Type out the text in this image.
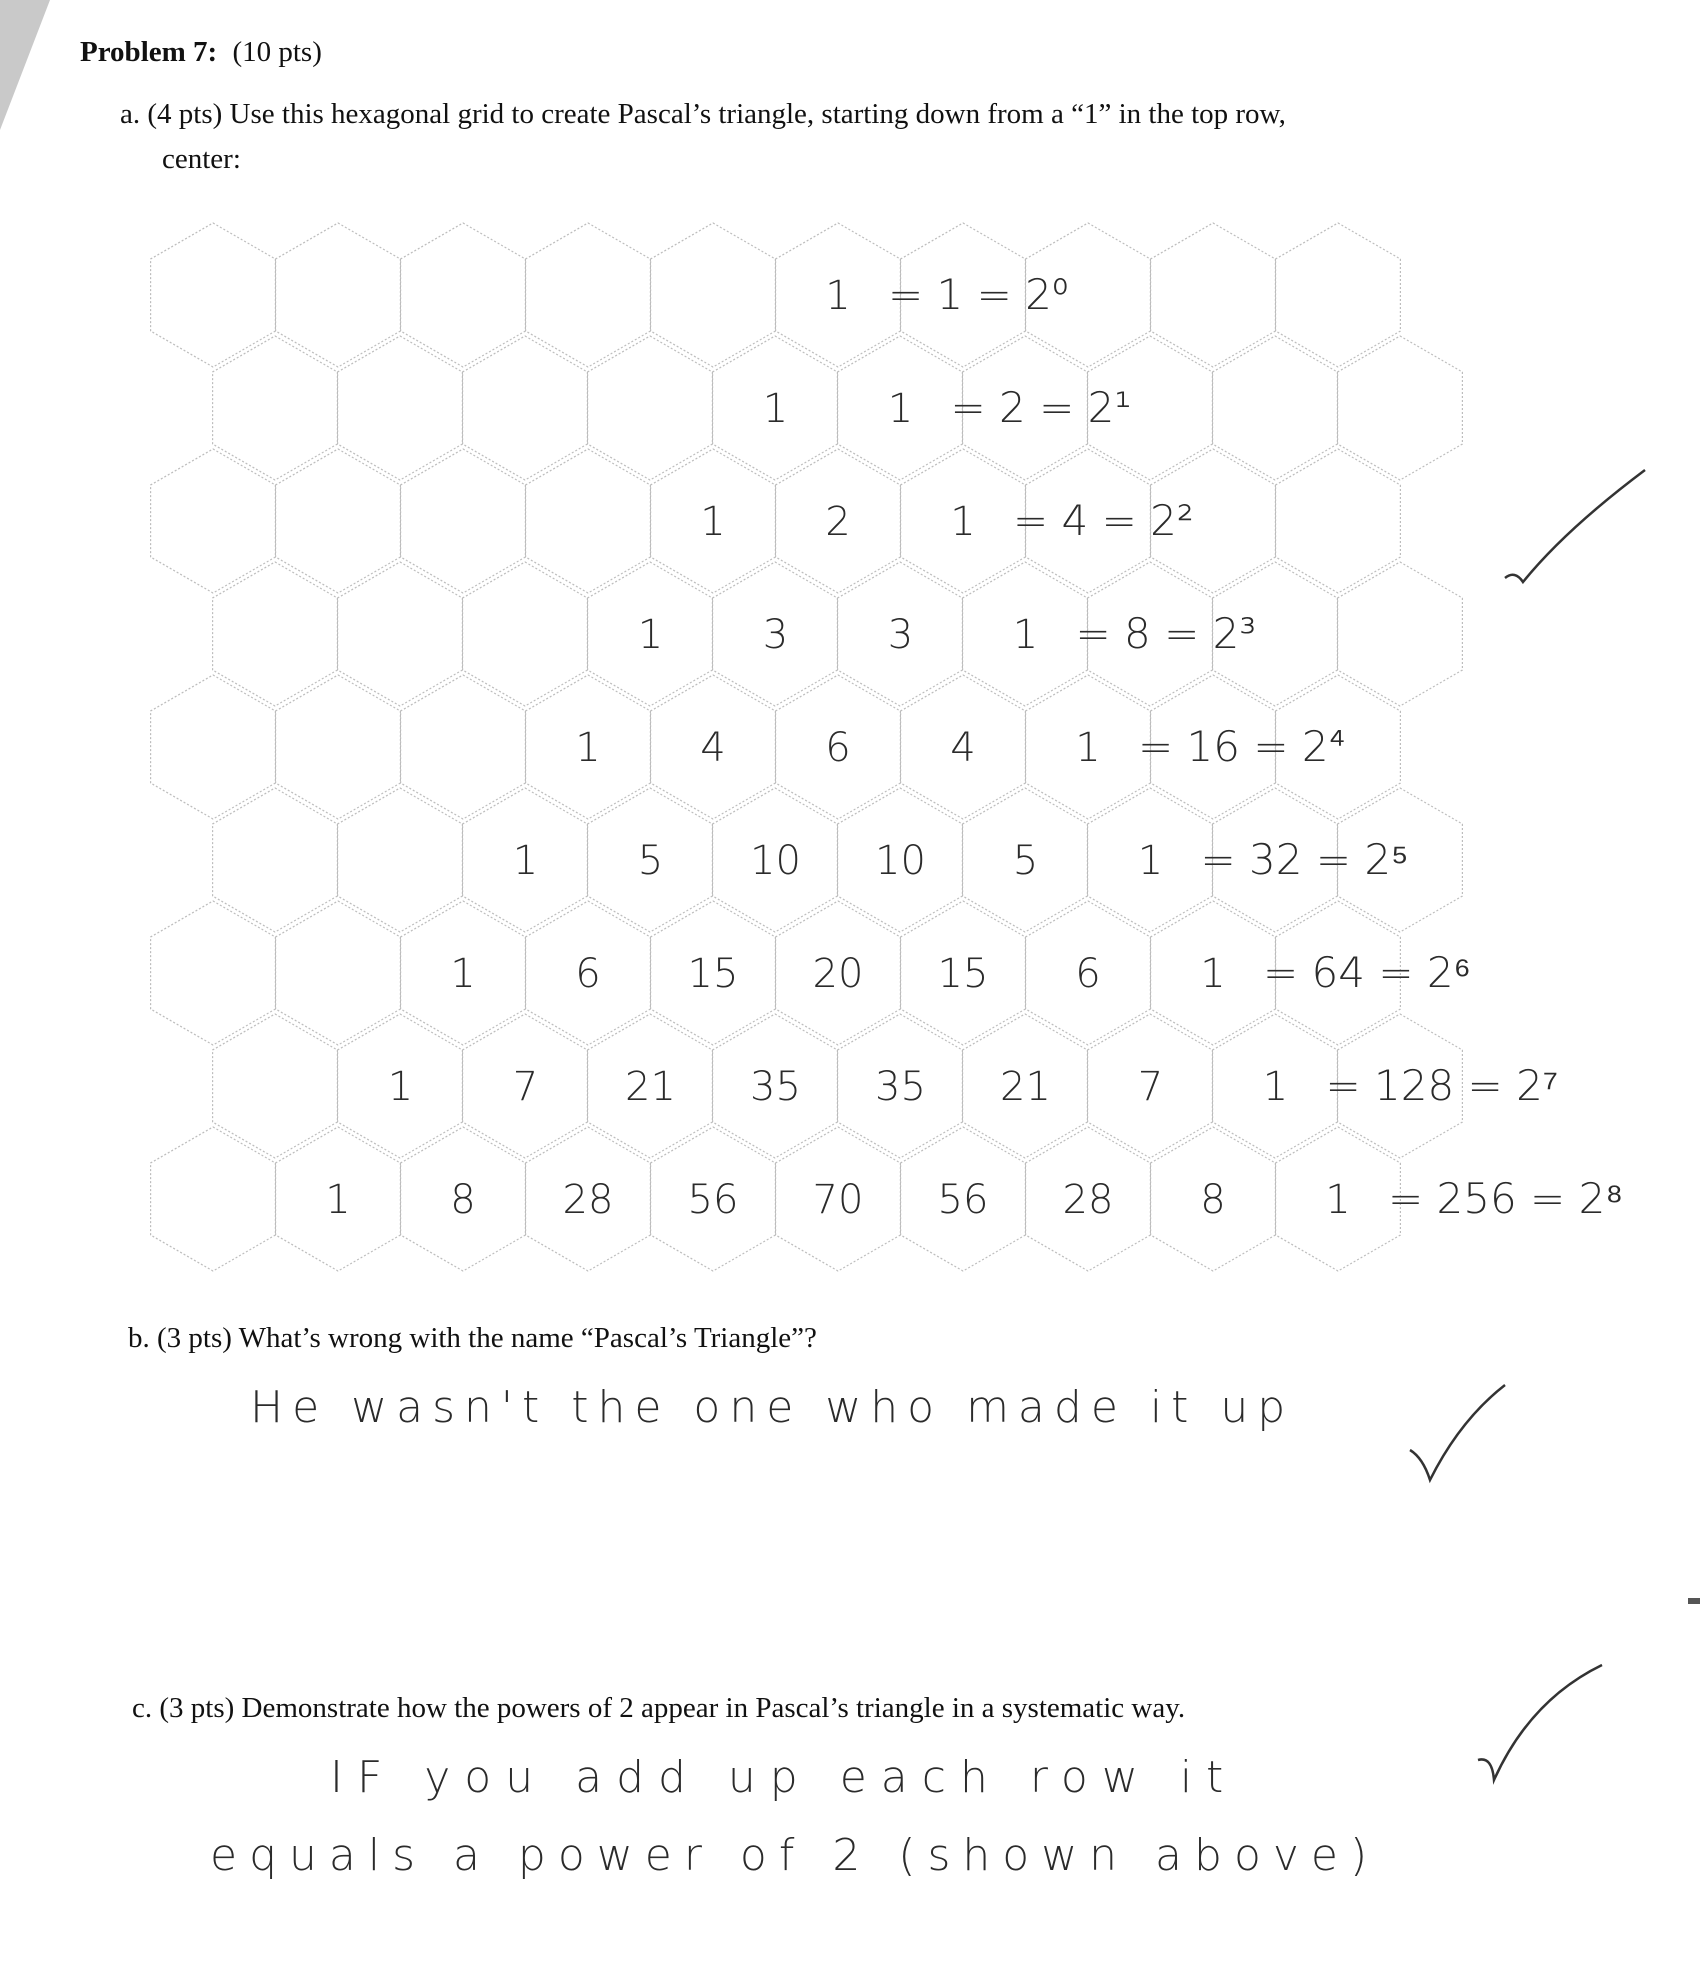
Problem 7: (10 pts)
a. (4 pts) Use this hexagonal grid to create Pascal’s triangle, starting down from a “1” in the top row,
center:
1 = 1 = 2⁰
1 1 = 2 = 2¹
1 2 1 = 4 = 2²
1 3 3 1 = 8 = 2³
1 4 6 4 1 = 16 = 2⁴
1 5 10 10 5 1 = 32 = 2⁵
1 6 15 20 15 6 1 = 64 = 2⁶
1 7 21 35 35 21 7 1 = 128 = 2⁷
1 8 28 56 70 56 28 8 1 = 256 = 2⁸
b. (3 pts) What’s wrong with the name “Pascal’s Triangle”?
He wasn't the one who made it up
c. (3 pts) Demonstrate how the powers of 2 appear in Pascal’s triangle in a systematic way.
IF you add up each row it
equals a power of 2 (shown above)
